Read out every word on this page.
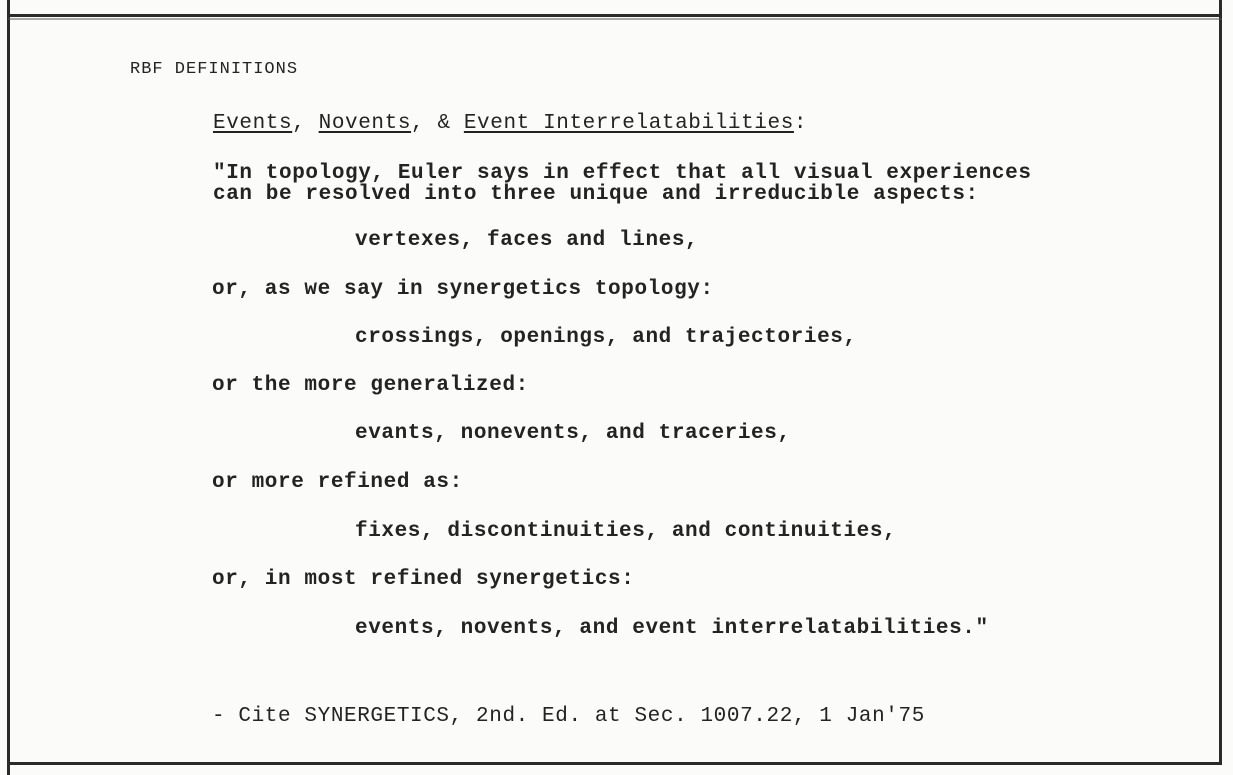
RBF DEFINITIONS
Events, Novents, & Event Interrelatabilities:
"In topology, Euler says in effect that all visual experiences
can be resolved into three unique and irreducible aspects:
vertexes, faces and lines,
or, as we say in synergetics topology:
crossings, openings, and trajectories,
or the more generalized:
evants, nonevents, and traceries,
or more refined as:
fixes, discontinuities, and continuities,
or, in most refined synergetics:
events, novents, and event interrelatabilities."
- Cite SYNERGETICS, 2nd. Ed. at Sec. 1007.22, 1 Jan'75
